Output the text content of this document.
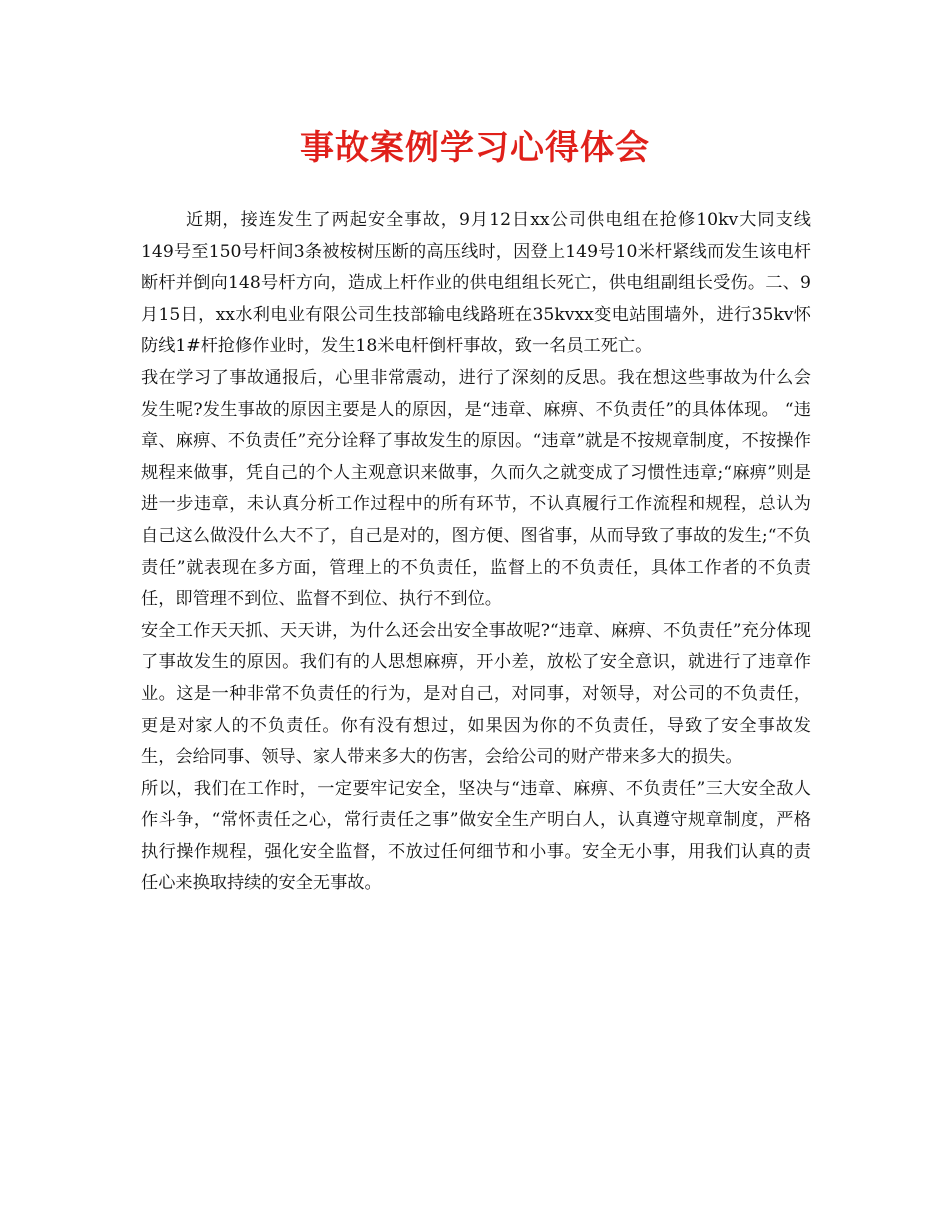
事故案例学习心得体会

近期，接连发生了两起安全事故，9月12日xx公司供电组在抢修10kv大同支线149号至150号杆间3条被桉树压断的高压线时，因登上149号10米杆紧线而发生该电杆断杆并倒向148号杆方向，造成上杆作业的供电组组长死亡，供电组副组长受伤。二、9月15日，xx水利电业有限公司生技部输电线路班在35kvxx变电站围墙外，进行35kv怀防线1#杆抢修作业时，发生18米电杆倒杆事故，致一名员工死亡。

我在学习了事故通报后，心里非常震动，进行了深刻的反思。我在想这些事故为什么会发生呢?发生事故的原因主要是人的原因，是“违章、麻痹、不负责任”的具体体现。 “违章、麻痹、不负责任”充分诠释了事故发生的原因。“违章”就是不按规章制度，不按操作规程来做事，凭自己的个人主观意识来做事，久而久之就变成了习惯性违章;“麻痹”则是进一步违章，未认真分析工作过程中的所有环节，不认真履行工作流程和规程，总认为自己这么做没什么大不了，自己是对的，图方便、图省事，从而导致了事故的发生;“不负责任”就表现在多方面，管理上的不负责任，监督上的不负责任，具体工作者的不负责任，即管理不到位、监督不到位、执行不到位。

安全工作天天抓、天天讲，为什么还会出安全事故呢?“违章、麻痹、不负责任”充分体现了事故发生的原因。我们有的人思想麻痹，开小差，放松了安全意识，就进行了违章作业。这是一种非常不负责任的行为，是对自己，对同事，对领导，对公司的不负责任，更是对家人的不负责任。你有没有想过，如果因为你的不负责任，导致了安全事故发生，会给同事、领导、家人带来多大的伤害，会给公司的财产带来多大的损失。

所以，我们在工作时，一定要牢记安全，坚决与“违章、麻痹、不负责任”三大安全敌人作斗争，“常怀责任之心，常行责任之事”做安全生产明白人，认真遵守规章制度，严格执行操作规程，强化安全监督，不放过任何细节和小事。安全无小事，用我们认真的责任心来换取持续的安全无事故。
